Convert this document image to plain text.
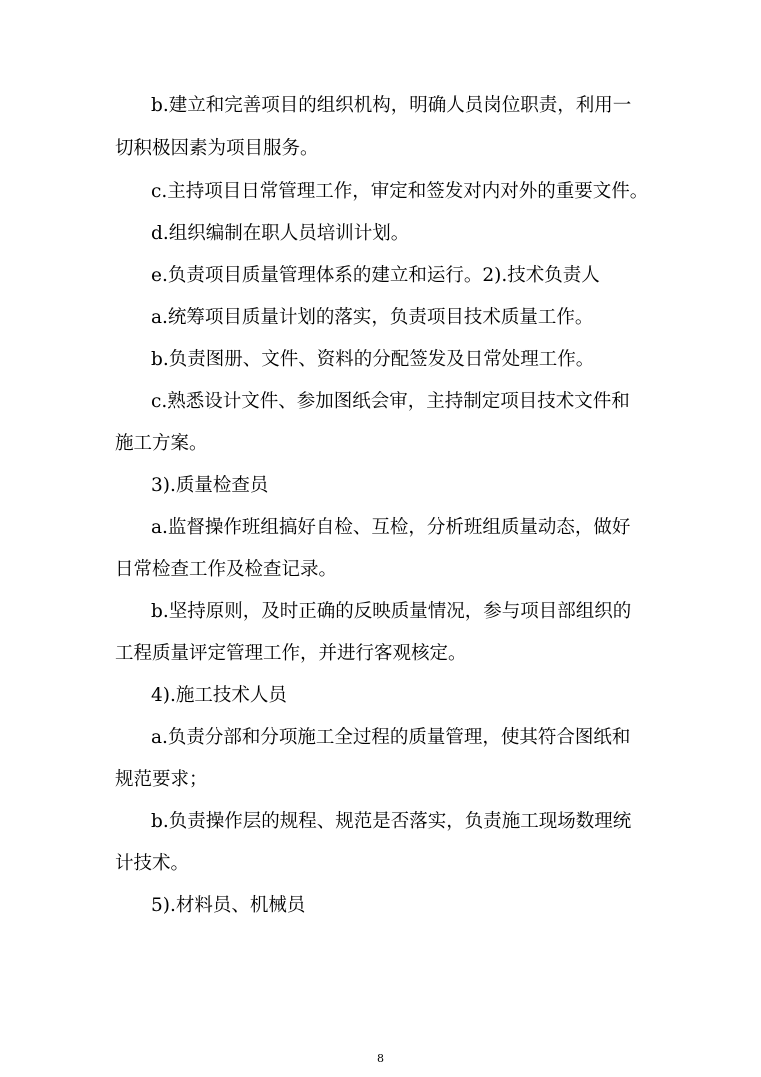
b.建立和完善项目的组织机构，明确人员岗位职责，利用一
切积极因素为项目服务。
c.主持项目日常管理工作，审定和签发对内对外的重要文件。
d.组织编制在职人员培训计划。
e.负责项目质量管理体系的建立和运行。2).技术负责人
a.统筹项目质量计划的落实，负责项目技术质量工作。
b.负责图册、文件、资料的分配签发及日常处理工作。
c.熟悉设计文件、参加图纸会审，主持制定项目技术文件和
施工方案。
3).质量检查员
a.监督操作班组搞好自检、互检，分析班组质量动态，做好
日常检查工作及检查记录。
b.坚持原则，及时正确的反映质量情况，参与项目部组织的
工程质量评定管理工作，并进行客观核定。
4).施工技术人员
a.负责分部和分项施工全过程的质量管理，使其符合图纸和
规范要求；
b.负责操作层的规程、规范是否落实，负责施工现场数理统
计技术。
5).材料员、机械员
8
